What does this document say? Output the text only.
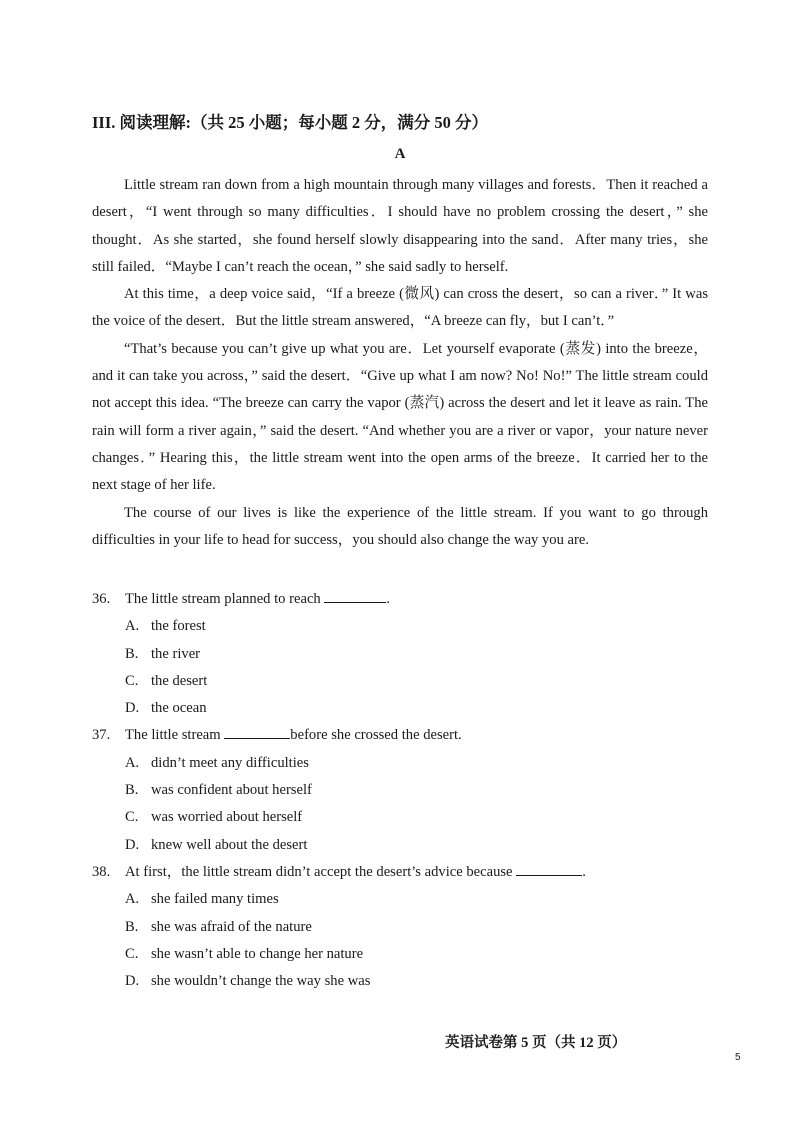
III. 阅读理解:（共 25 小题；每小题 2 分，满分 50 分）
A

Little stream ran down from a high mountain through many villages and forests．Then it reached a desert，“I went through so many difficulties．I should have no problem crossing the desert，” she thought．As she started，she found herself slowly disappearing into the sand．After many tries，she still failed．“Maybe I can’t reach the ocean，” she said sadly to herself.

At this time，a deep voice said，“If a breeze (微风) can cross the desert，so can a river．” It was the voice of the desert．But the little stream answered，“A breeze can fly，but I can’t．”

“That’s because you can’t give up what you are．Let yourself evaporate (蒸发) into the breeze，and it can take you across，” said the desert．“Give up what I am now? No! No!” The little stream could not accept this idea. “The breeze can carry the vapor (蒸汽) across the desert and let it leave as rain. The rain will form a river again，” said the desert. “And whether you are a river or vapor，your nature never changes．” Hearing this，the little stream went into the open arms of the breeze．It carried her to the next stage of her life.

The course of our lives is like the experience of the little stream. If you want to go through difficulties in your life to head for success，you should also change the way you are.

36. The little stream planned to reach	.
A. the forest
B. the river
C. the desert
D. the ocean
37. The little stream	before she crossed the desert.
A. didn’t meet any difficulties
B. was confident about herself
C. was worried about herself
D. knew well about the desert
38. At first，the little stream didn’t accept the desert’s advice because	.
A. she failed many times
B. she was afraid of the nature
C. she wasn’t able to change her nature
D. she wouldn’t change the way she was
英语试卷第 5 页（共 12 页）
5
